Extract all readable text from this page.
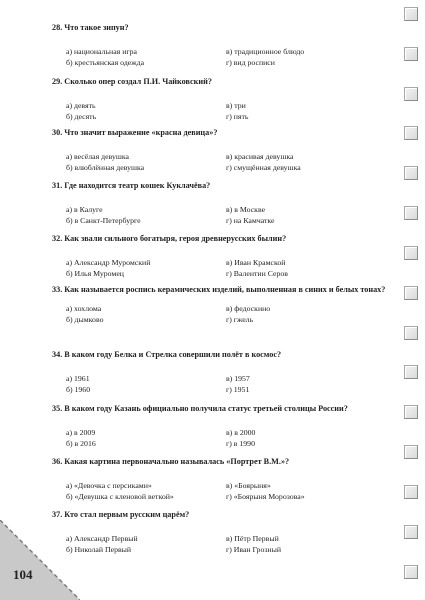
28. Что такое зипун?

а) национальная игра	в) традиционное блюдо
б) крестьянская одежда	г) вид росписи

29. Сколько опер создал П.И. Чайковский?

а) девять	в) три
б) десять	г) пять

30. Что значит выражение «красна девица»?

а) весёлая девушка	в) красивая девушка
б) влюблённая девушка	г) смущённая девушка

31. Где находится театр кошек Куклачёва?

а) в Калуге	в) в Москве
б) в Санкт-Петербурге	г) на Камчатке

32. Как звали сильного богатыря, героя древнерусских былин?

а) Александр Муромский	в) Иван Крамской
б) Илья Муромец	г) Валентин Серов

33. Как называется роспись керамических изделий, выполненная в синих и белых тонах?

а) хохлома	в) федоскино
б) дымково	г) гжель

34. В каком году Белка и Стрелка совершили полёт в космос?

а) 1961	в) 1957
б) 1960	г) 1951

35. В каком году Казань официально получила статус третьей столицы России?

а) в 2009	в) в 2000
б) в 2016	г) в 1990

36. Какая картина первоначально называлась «Портрет В.М.»?

а) «Девочка с персиками»	в) «Боярыня»
б) «Девушка с кленовой веткой»	г) «Боярыня Морозова»

37. Кто стал первым русским царём?

а) Александр Первый	в) Пётр Первый
б) Николай Первый	г) Иван Грозный
104
